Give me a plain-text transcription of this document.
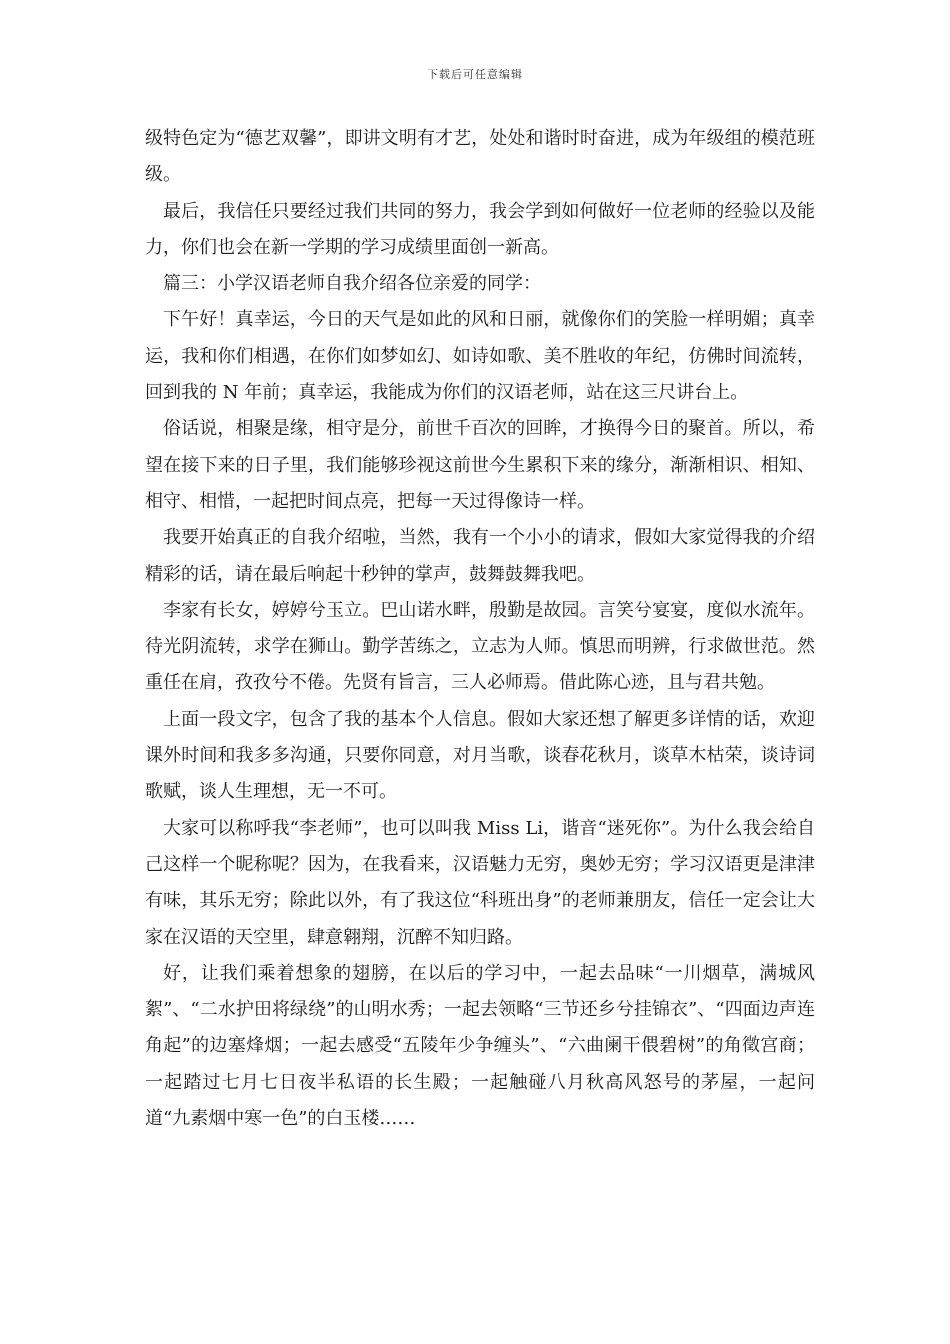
下载后可任意编辑

级特色定为“德艺双馨”，即讲文明有才艺，处处和谐时时奋进，成为年级组的模范班级。

最后，我信任只要经过我们共同的努力，我会学到如何做好一位老师的经验以及能力，你们也会在新一学期的学习成绩里面创一新高。

篇三：小学汉语老师自我介绍各位亲爱的同学：

下午好！真幸运，今日的天气是如此的风和日丽，就像你们的笑脸一样明媚；真幸运，我和你们相遇，在你们如梦如幻、如诗如歌、美不胜收的年纪，仿佛时间流转，回到我的 N 年前；真幸运，我能成为你们的汉语老师，站在这三尺讲台上。

俗话说，相聚是缘，相守是分，前世千百次的回眸，才换得今日的聚首。所以，希望在接下来的日子里，我们能够珍视这前世今生累积下来的缘分，渐渐相识、相知、相守、相惜，一起把时间点亮，把每一天过得像诗一样。

我要开始真正的自我介绍啦，当然，我有一个小小的请求，假如大家觉得我的介绍精彩的话，请在最后响起十秒钟的掌声，鼓舞鼓舞我吧。

李家有长女，婷婷兮玉立。巴山诺水畔，殷勤是故园。言笑兮宴宴，度似水流年。待光阴流转，求学在狮山。勤学苦练之，立志为人师。慎思而明辨，行求做世范。然重任在肩，孜孜兮不倦。先贤有旨言，三人必师焉。借此陈心迹，且与君共勉。

上面一段文字，包含了我的基本个人信息。假如大家还想了解更多详情的话，欢迎课外时间和我多多沟通，只要你同意，对月当歌，谈春花秋月，谈草木枯荣，谈诗词歌赋，谈人生理想，无一不可。

大家可以称呼我“李老师”，也可以叫我 Miss Li，谐音“迷死你”。为什么我会给自己这样一个昵称呢？因为，在我看来，汉语魅力无穷，奥妙无穷；学习汉语更是津津有味，其乐无穷；除此以外，有了我这位“科班出身”的老师兼朋友，信任一定会让大家在汉语的天空里，肆意翱翔，沉醉不知归路。

好，让我们乘着想象的翅膀，在以后的学习中，一起去品味“一川烟草，满城风絮”、“二水护田将绿绕”的山明水秀；一起去领略“三节还乡兮挂锦衣”、“四面边声连角起”的边塞烽烟；一起去感受“五陵年少争缠头”、“六曲阑干偎碧树”的角徵宫商；一起踏过七月七日夜半私语的长生殿；一起触碰八月秋高风怒号的茅屋，一起问道“九素烟中寒一色”的白玉楼……
